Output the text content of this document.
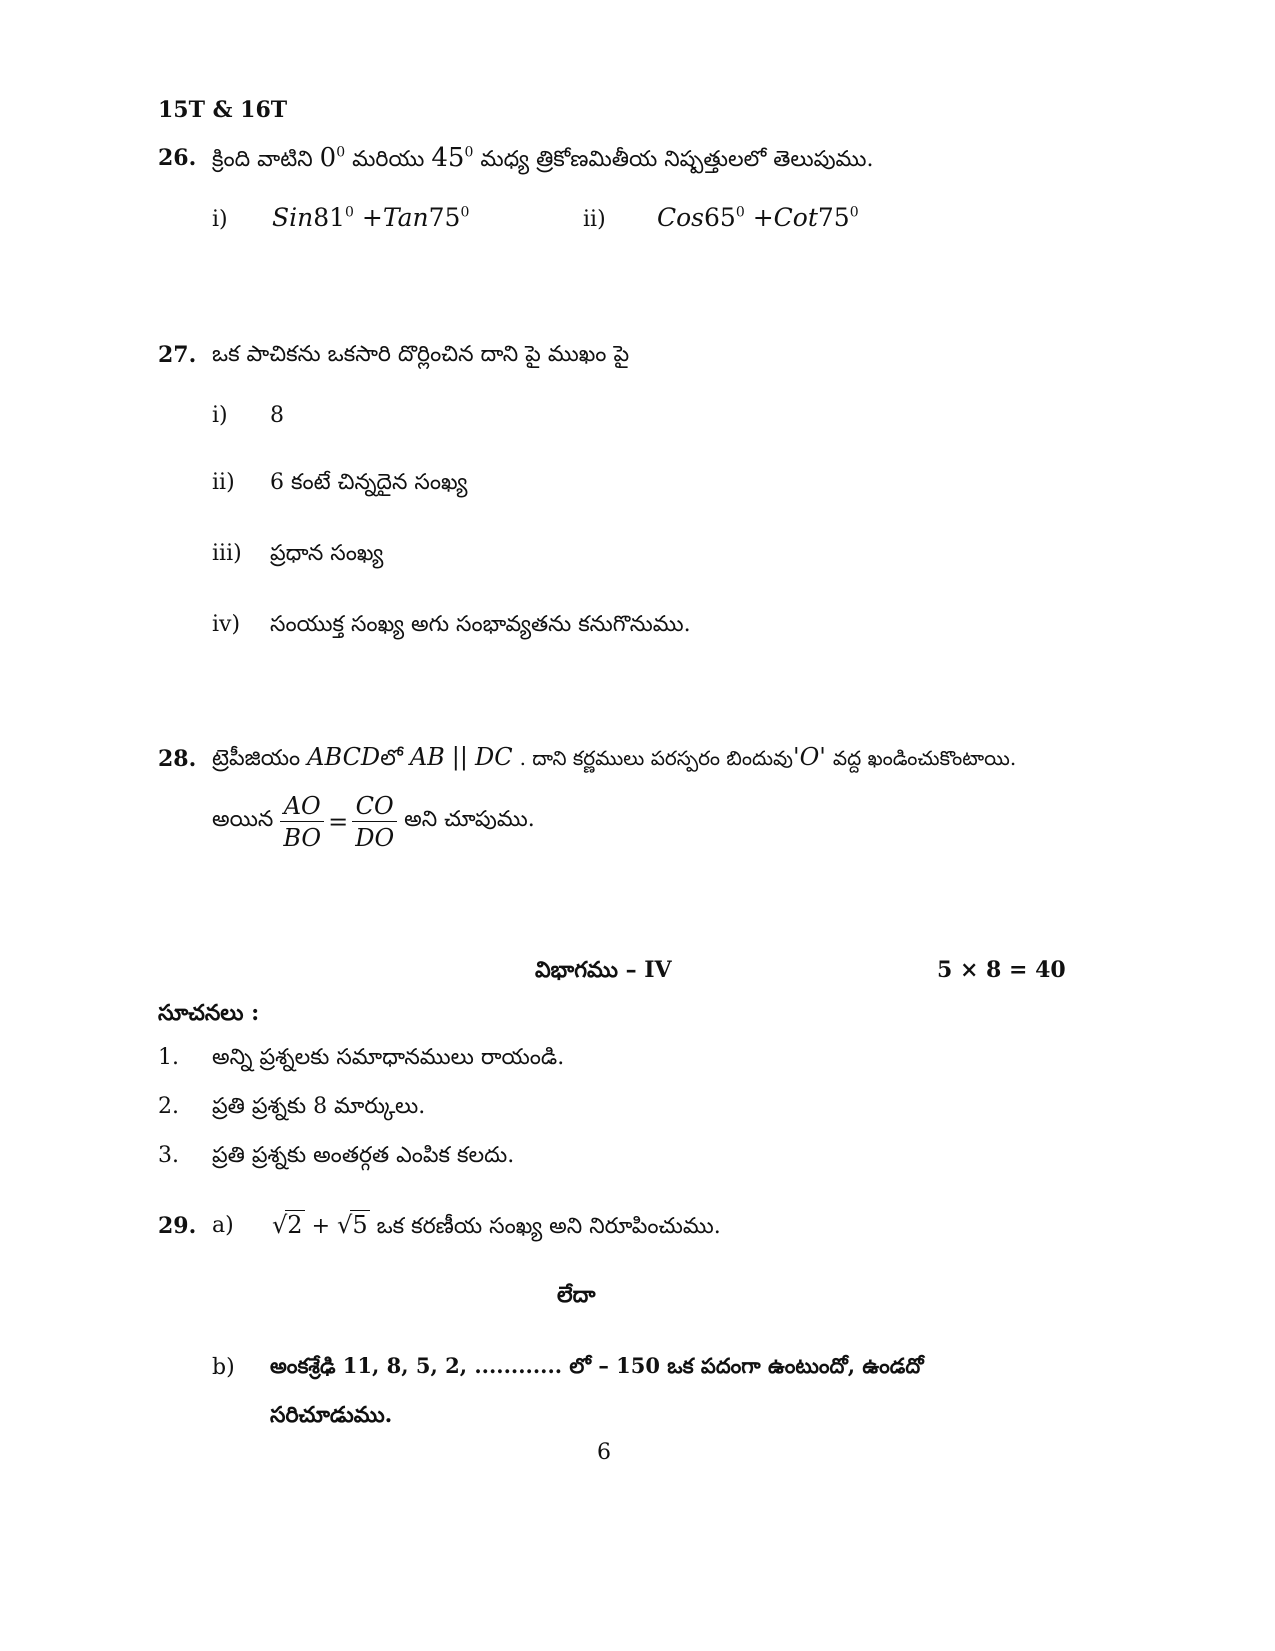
15T & 16T
26. క్రింది వాటిని $0^0$ మరియు $45^0$ మధ్య త్రికోణమితీయ నిష్పత్తులలో తెలుపుము.
i) $Sin81^0 +Tan75^0$	ii) $Cos65^0 +Cot75^0$
27. ఒక పాచికను ఒకసారి దొర్లించిన దాని పై ముఖం పై
i) 8
ii) 6 కంటే చిన్నదైన సంఖ్య
iii) ప్రధాన సంఖ్య
iv) సంయుక్త సంఖ్య అగు సంభావ్యతను కనుగొనుము.
28. ట్రెపీజియం ABCDలో AB || DC . దాని కర్ణములు పరస్పరం బిందువు'O' వద్ద ఖండించుకొంటాయి.
అయిన $\frac{AO}{BO} = \frac{CO}{DO}$ అని చూపుము.
విభాగము – IV	5 × 8 = 40
సూచనలు :
1. అన్ని ప్రశ్నలకు సమాధానములు రాయండి.
2. ప్రతి ప్రశ్నకు 8 మార్కులు.
3. ప్రతి ప్రశ్నకు అంతర్గత ఎంపిక కలదు.
29. a) √2 + √5 ఒక కరణీయ సంఖ్య అని నిరూపించుము.
లేదా
b) అంకశ్రేఢి 11, 8, 5, 2, ............ లో – 150 ఒక పదంగా ఉంటుందో, ఉండదో
సరిచూడుము.
6
